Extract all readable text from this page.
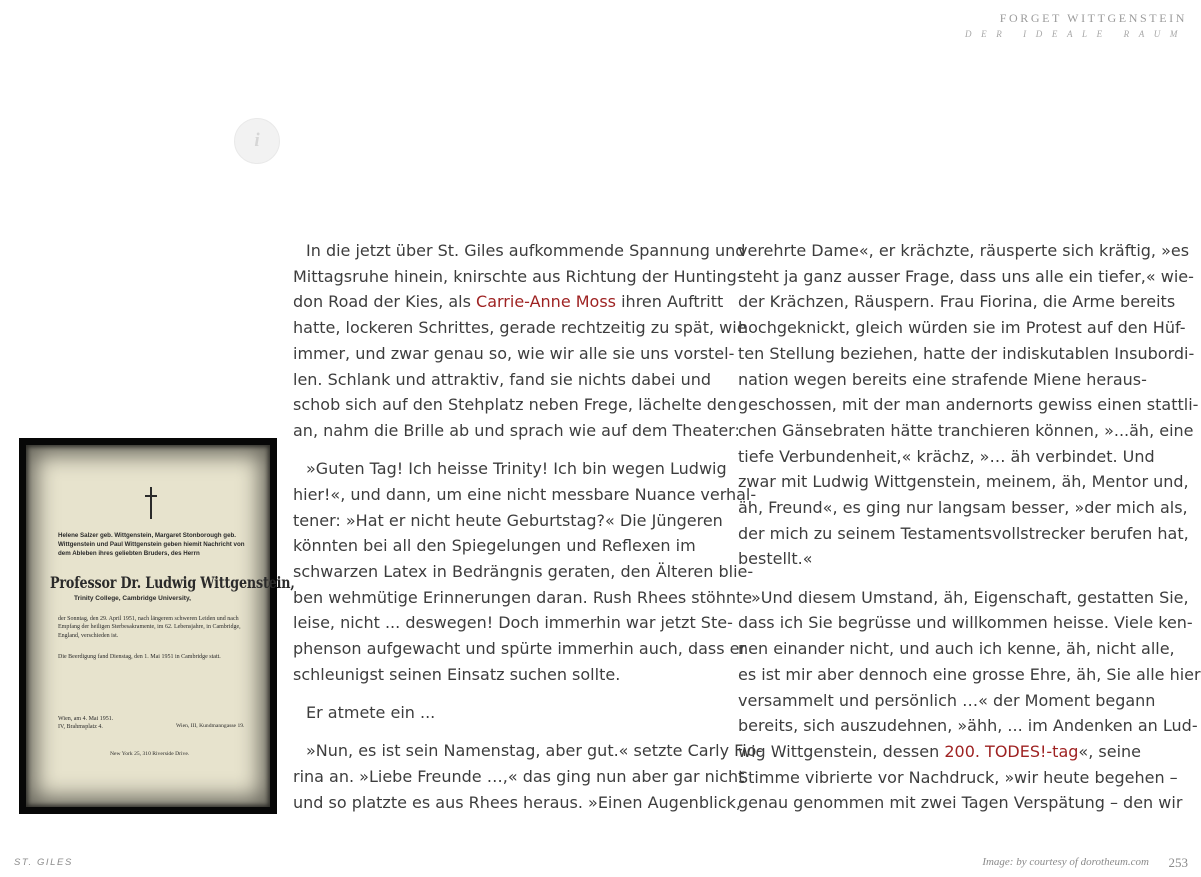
FORGET WITTGENSTEIN
DER IDEALE RAUM
i
Helene Salzer geb. Wittgenstein, Margaret Stonborough geb. Wittgenstein und Paul Wittgenstein geben hiemit Nachricht von dem Ableben ihres geliebten Bruders, des Herrn
Professor Dr. Ludwig Wittgenstein,
Trinity College, Cambridge University,
der Sonntag, den 29. April 1951, nach längerem schweren Leiden und nach Empfang der heiligen Sterbesakramente, im 62. Lebensjahre, in Cambridge, England, verschieden ist.
Die Beerdigung fand Dienstag, den 1. Mai 1951 in Cambridge statt.
Wien, am 4. Mai 1951.
IV, Brahmsplatz 4.	Wien, III, Kundmanngasse 19.
New York 25, 310 Riverside Drive.

In die jetzt über St. Giles aufkommende Spannung und
Mittagsruhe hinein, knirschte aus Richtung der Hunting-
don Road der Kies, als Carrie-Anne Moss ihren Auftritt
hatte, lockeren Schrittes, gerade rechtzeitig zu spät, wie
immer, und zwar genau so, wie wir alle sie uns vorstel-
len. Schlank und attraktiv, fand sie nichts dabei und
schob sich auf den Stehplatz neben Frege, lächelte den
an, nahm die Brille ab und sprach wie auf dem Theater:

»Guten Tag! Ich heisse Trinity! Ich bin wegen Ludwig
hier!«, und dann, um eine nicht messbare Nuance verhal-
tener: »Hat er nicht heute Geburtstag?« Die Jüngeren
könnten bei all den Spiegelungen und Reflexen im
schwarzen Latex in Bedrängnis geraten, den Älteren blie-
ben wehmütige Erinnerungen daran. Rush Rhees stöhnte
leise, nicht ... deswegen! Doch immerhin war jetzt Ste-
phenson aufgewacht und spürte immerhin auch, dass er
schleunigst seinen Einsatz suchen sollte.

Er atmete ein ...

»Nun, es ist sein Namenstag, aber gut.« setzte Carly Fio-
rina an. »Liebe Freunde …,« das ging nun aber gar nicht
und so platzte es aus Rhees heraus. »Einen Augenblick,

verehrte Dame«, er krächzte, räusperte sich kräftig, »es
steht ja ganz ausser Frage, dass uns alle ein tiefer,« wie-
der Krächzen, Räuspern. Frau Fiorina, die Arme bereits
hochgeknickt, gleich würden sie im Protest auf den Hüf-
ten Stellung beziehen, hatte der indiskutablen Insubordi-
nation wegen bereits eine strafende Miene heraus-
geschossen, mit der man andernorts gewiss einen stattli-
chen Gänsebraten hätte tranchieren können, »...äh, eine
tiefe Verbundenheit,« krächz, »… äh verbindet. Und
zwar mit Ludwig Wittgenstein, meinem, äh, Mentor und,
äh, Freund«, es ging nur langsam besser, »der mich als,
der mich zu seinem Testamentsvollstrecker berufen hat,
bestellt.«

»Und diesem Umstand, äh, Eigenschaft, gestatten Sie,
dass ich Sie begrüsse und willkommen heisse. Viele ken-
nen einander nicht, und auch ich kenne, äh, nicht alle,
es ist mir aber dennoch eine grosse Ehre, äh, Sie alle hier
versammelt und persönlich …« der Moment begann
bereits, sich auszudehnen, »ähh, ... im Andenken an Lud-
wig Wittgenstein, dessen 200. TODES!-tag«, seine
Stimme vibrierte vor Nachdruck, »wir heute begehen –
genau genommen mit zwei Tagen Verspätung – den wir

ST. GILES	Image: by courtesy of dorotheum.com 253
